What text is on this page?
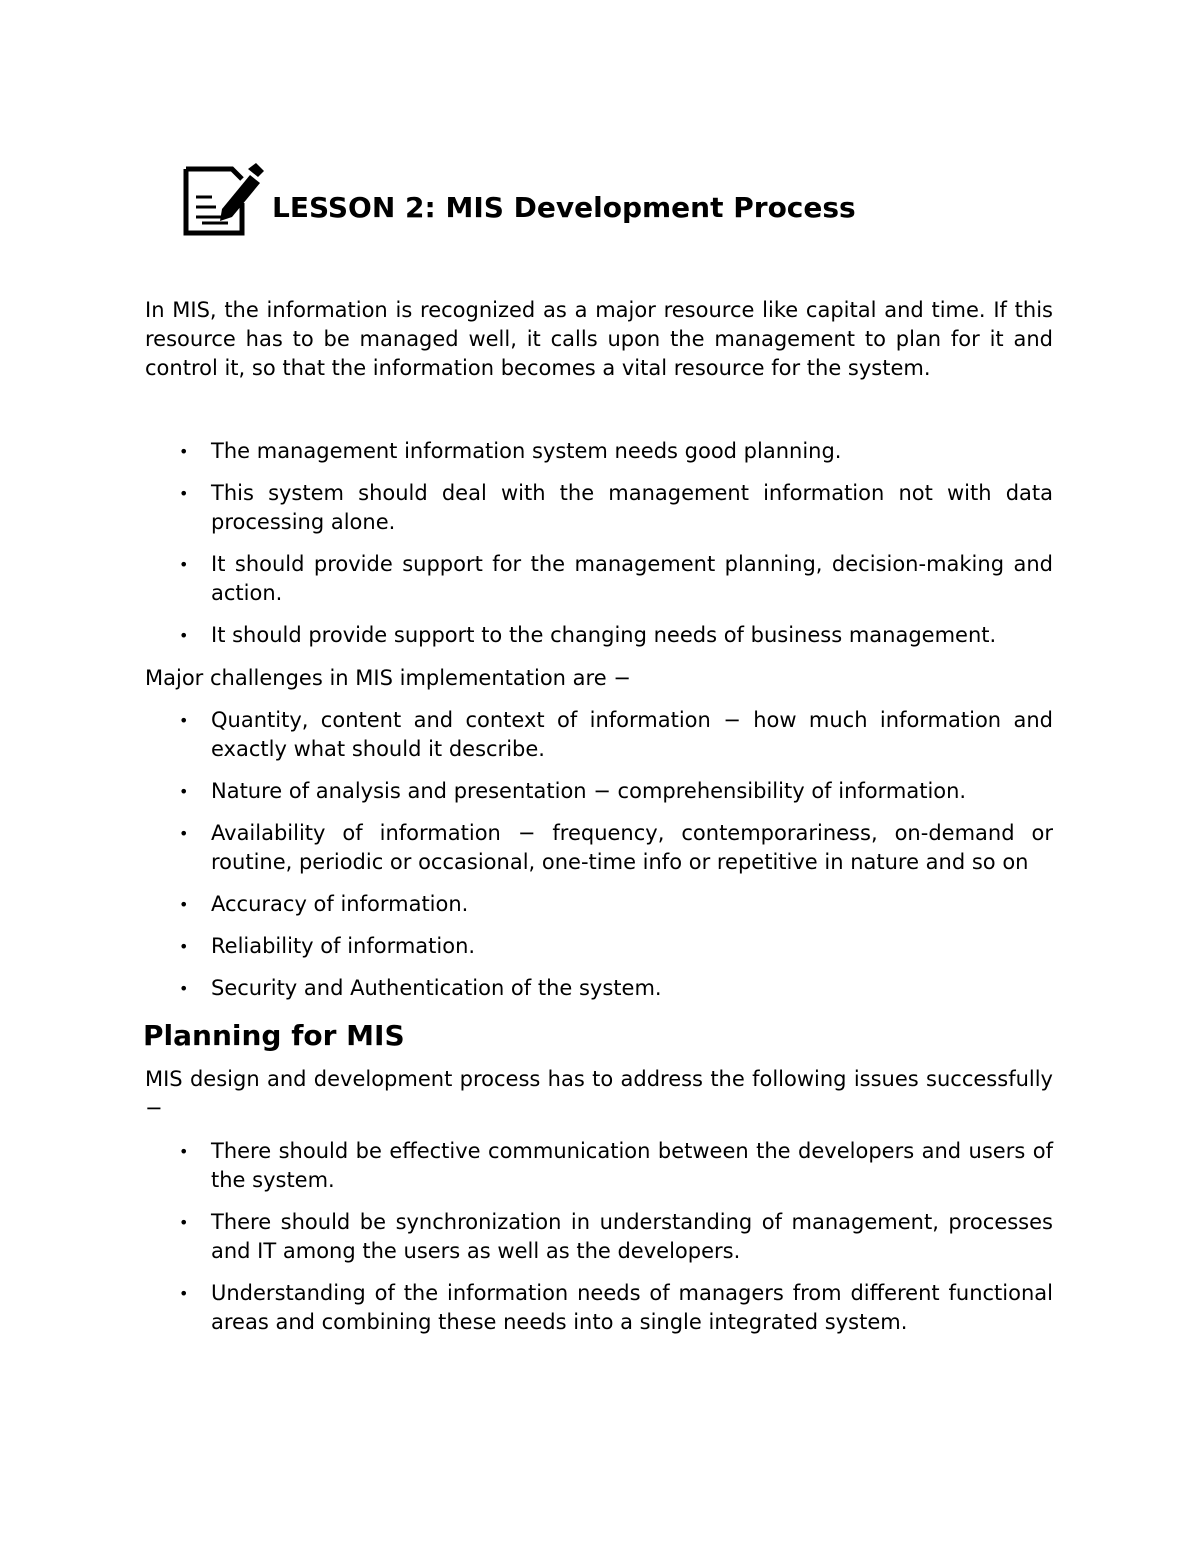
LESSON 2: MIS Development Process

In MIS, the information is recognized as a major resource like capital and time. If this resource has to be managed well, it calls upon the management to plan for it and control it, so that the information becomes a vital resource for the system.

• The management information system needs good planning.
• This system should deal with the management information not with data processing alone.
• It should provide support for the management planning, decision-making and action.
• It should provide support to the changing needs of business management.

Major challenges in MIS implementation are −

• Quantity, content and context of information − how much information and exactly what should it describe.
• Nature of analysis and presentation − comprehensibility of information.
• Availability of information − frequency, contemporariness, on-demand or routine, periodic or occasional, one-time info or repetitive in nature and so on
• Accuracy of information.
• Reliability of information.
• Security and Authentication of the system.
Planning for MIS

MIS design and development process has to address the following issues successfully −

• There should be effective communication between the developers and users of the system.
• There should be synchronization in understanding of management, processes and IT among the users as well as the developers.
• Understanding of the information needs of managers from different functional areas and combining these needs into a single integrated system.
